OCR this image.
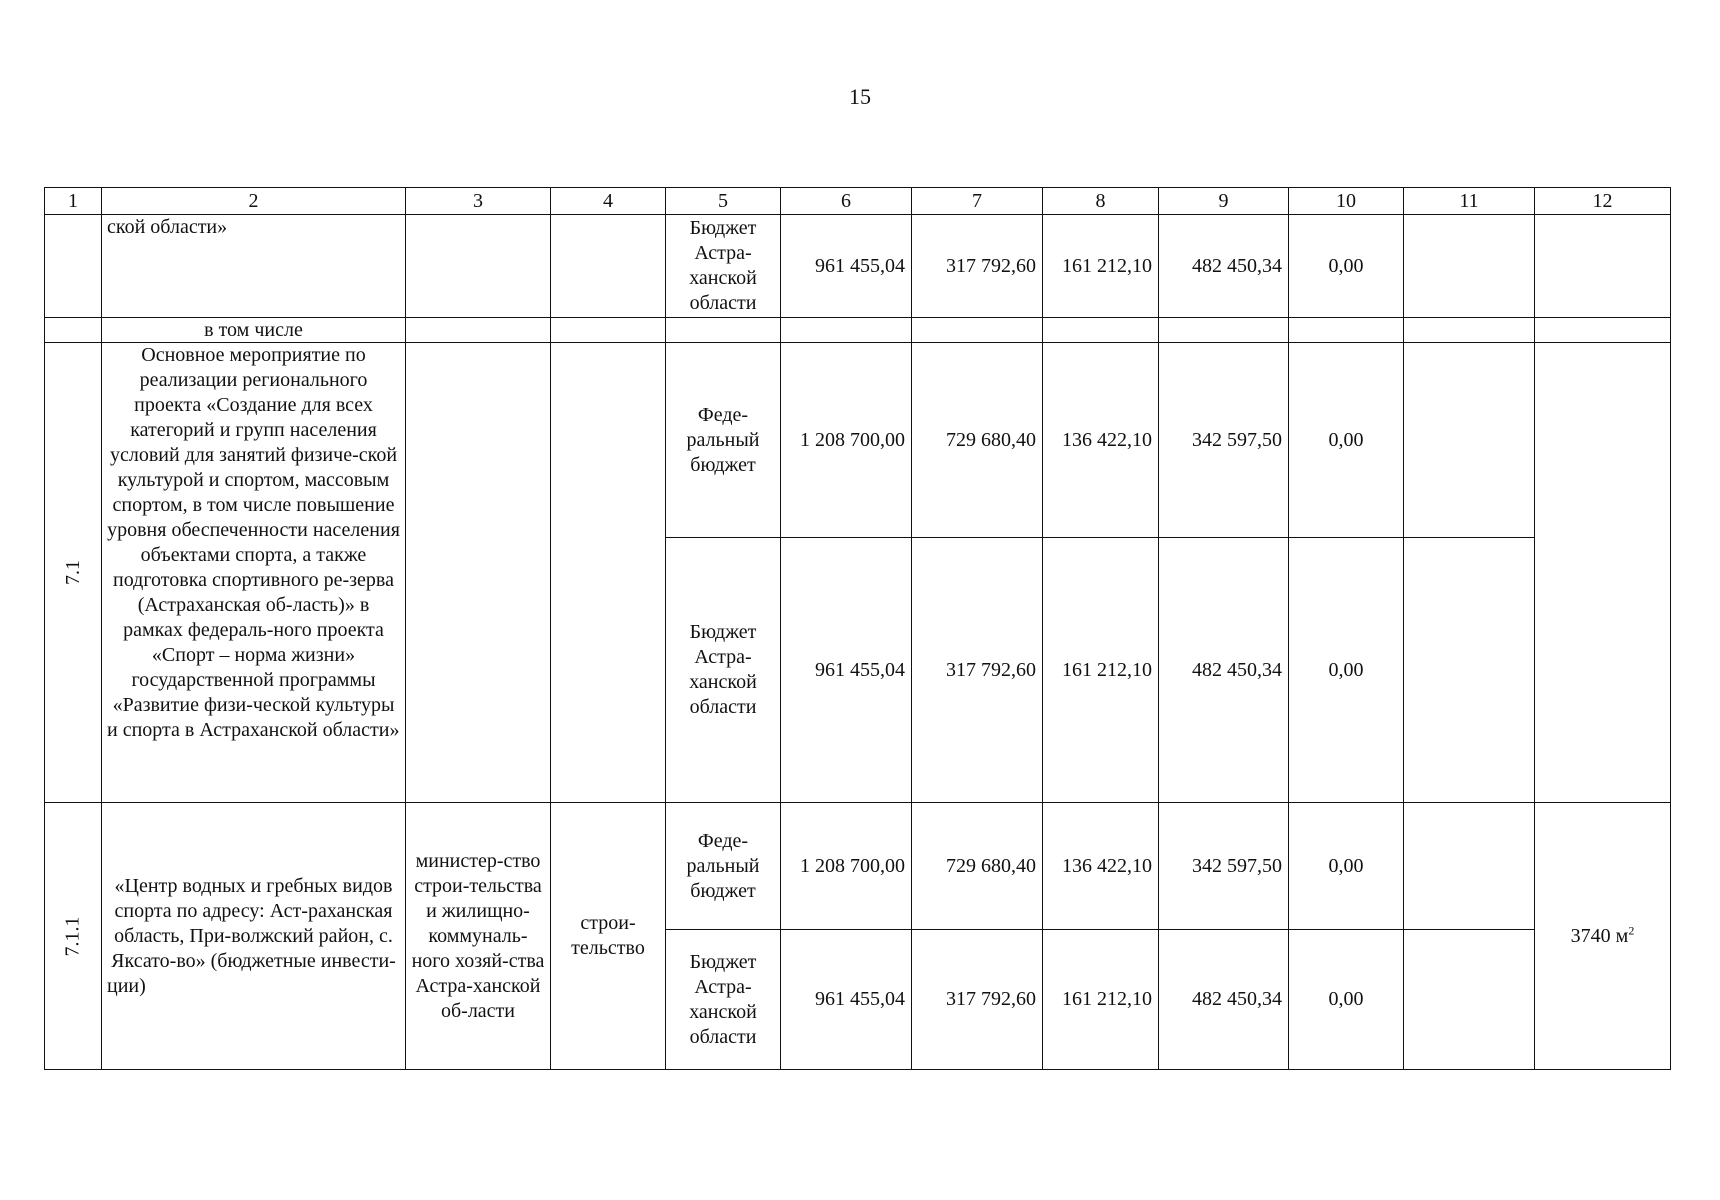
15
1	2	3	4	5	6	7	8	9	10	11	12
	ской области»			Бюджет Астра-ханской области	961 455,04	317 792,60	161 212,10	482 450,34	0,00		
	в том числе										
7.1	Основное мероприятие по реализации регионального проекта «Создание для всех категорий и групп населения условий для занятий физиче-ской культурой и спортом, массовым спортом, в том числе повышение уровня обеспеченности населения объектами спорта, а также подготовка спортивного ре-зерва (Астраханская об-ласть)» в рамках федераль-ного проекта «Спорт – норма жизни» государственной программы «Развитие физи-ческой культуры и спорта в Астраханской области»			Феде-ральный бюджет	1 208 700,00	729 680,40	136 422,10	342 597,50	0,00		
				Бюджет Астра-ханской области	961 455,04	317 792,60	161 212,10	482 450,34	0,00		
7.1.1	«Центр водных и гребных видов спорта по адресу: Аст-раханская область, При-волжский район, с. Яксато-во» (бюджетные инвести-ции)	министер-ство строи-тельства и жилищно-коммуналь-ного хозяй-ства Астра-ханской об-ласти	строи-тельство	Феде-ральный бюджет	1 208 700,00	729 680,40	136 422,10	342 597,50	0,00		3740 $м^2$
				Бюджет Астра-ханской области	961 455,04	317 792,60	161 212,10	482 450,34	0,00		
